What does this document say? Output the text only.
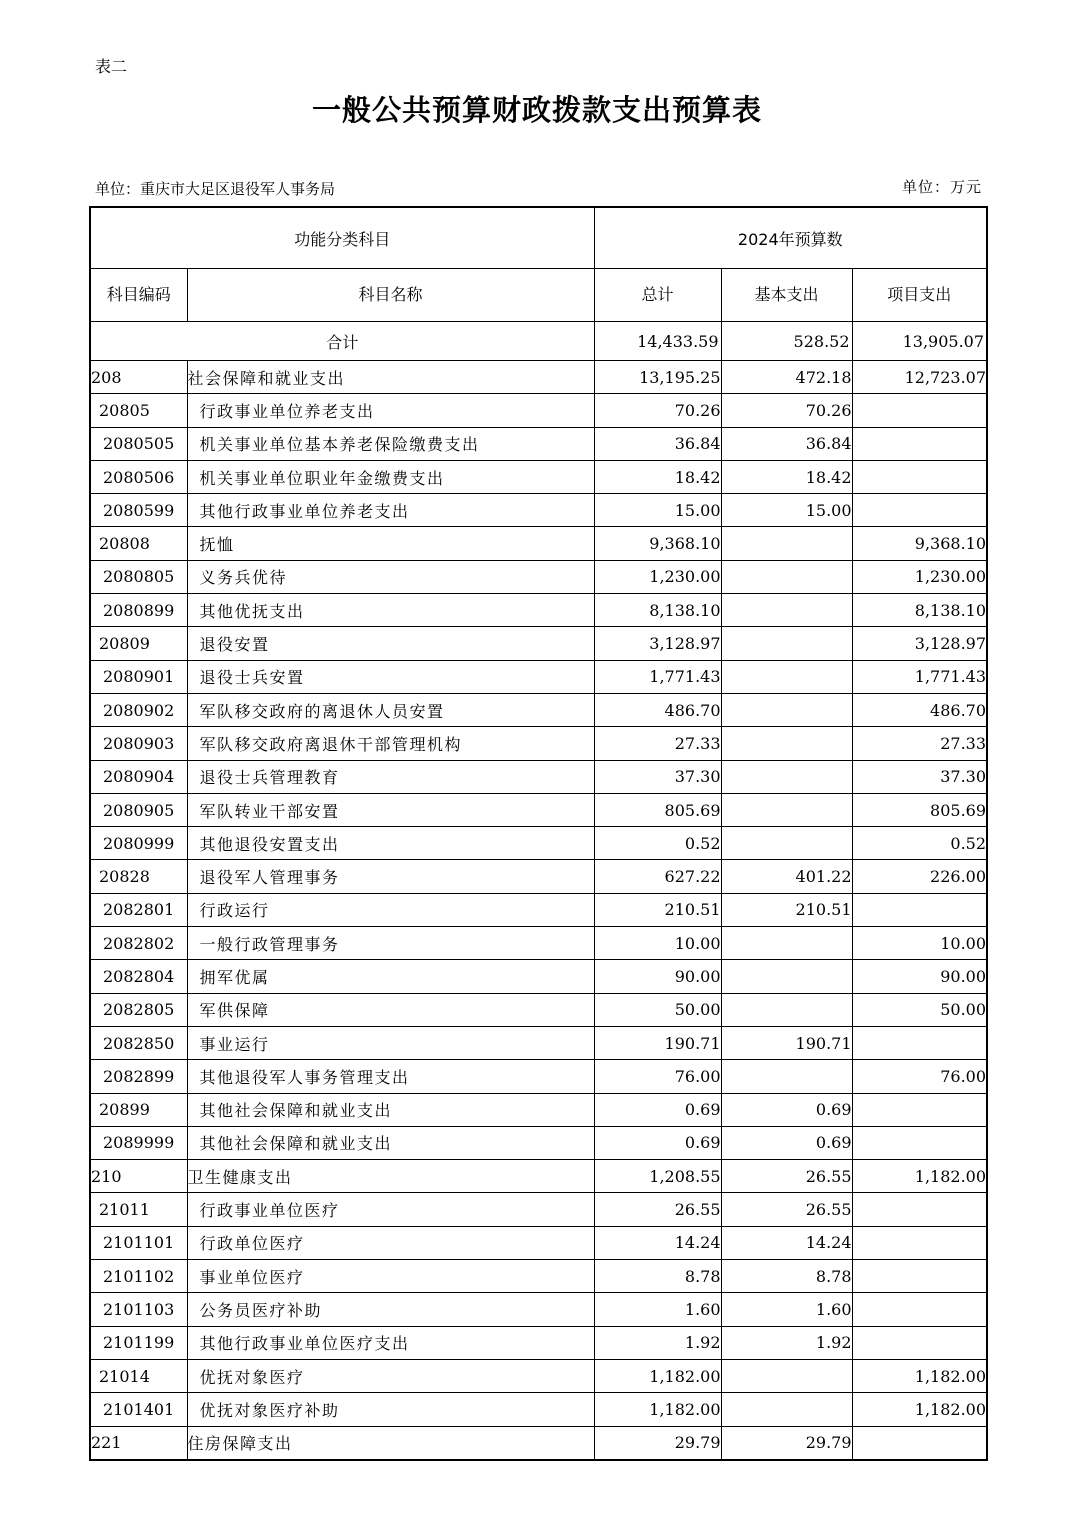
表二
一般公共预算财政拨款支出预算表
单位：重庆市大足区退役军人事务局	单位：万元
功能分类科目		2024年预算数		
科目编码	科目名称	总计	基本支出	项目支出
合计		14,433.59	528.52	13,905.07
208	社会保障和就业支出	13,195.25	472.18	12,723.07
20805	行政事业单位养老支出	70.26	70.26	
2080505	机关事业单位基本养老保险缴费支出	36.84	36.84	
2080506	机关事业单位职业年金缴费支出	18.42	18.42	
2080599	其他行政事业单位养老支出	15.00	15.00	
20808	抚恤	9,368.10		9,368.10
2080805	义务兵优待	1,230.00		1,230.00
2080899	其他优抚支出	8,138.10		8,138.10
20809	退役安置	3,128.97		3,128.97
2080901	退役士兵安置	1,771.43		1,771.43
2080902	军队移交政府的离退休人员安置	486.70		486.70
2080903	军队移交政府离退休干部管理机构	27.33		27.33
2080904	退役士兵管理教育	37.30		37.30
2080905	军队转业干部安置	805.69		805.69
2080999	其他退役安置支出	0.52		0.52
20828	退役军人管理事务	627.22	401.22	226.00
2082801	行政运行	210.51	210.51	
2082802	一般行政管理事务	10.00		10.00
2082804	拥军优属	90.00		90.00
2082805	军供保障	50.00		50.00
2082850	事业运行	190.71	190.71	
2082899	其他退役军人事务管理支出	76.00		76.00
20899	其他社会保障和就业支出	0.69	0.69	
2089999	其他社会保障和就业支出	0.69	0.69	
210	卫生健康支出	1,208.55	26.55	1,182.00
21011	行政事业单位医疗	26.55	26.55	
2101101	行政单位医疗	14.24	14.24	
2101102	事业单位医疗	8.78	8.78	
2101103	公务员医疗补助	1.60	1.60	
2101199	其他行政事业单位医疗支出	1.92	1.92	
21014	优抚对象医疗	1,182.00		1,182.00
2101401	优抚对象医疗补助	1,182.00		1,182.00
221	住房保障支出	29.79	29.79	
